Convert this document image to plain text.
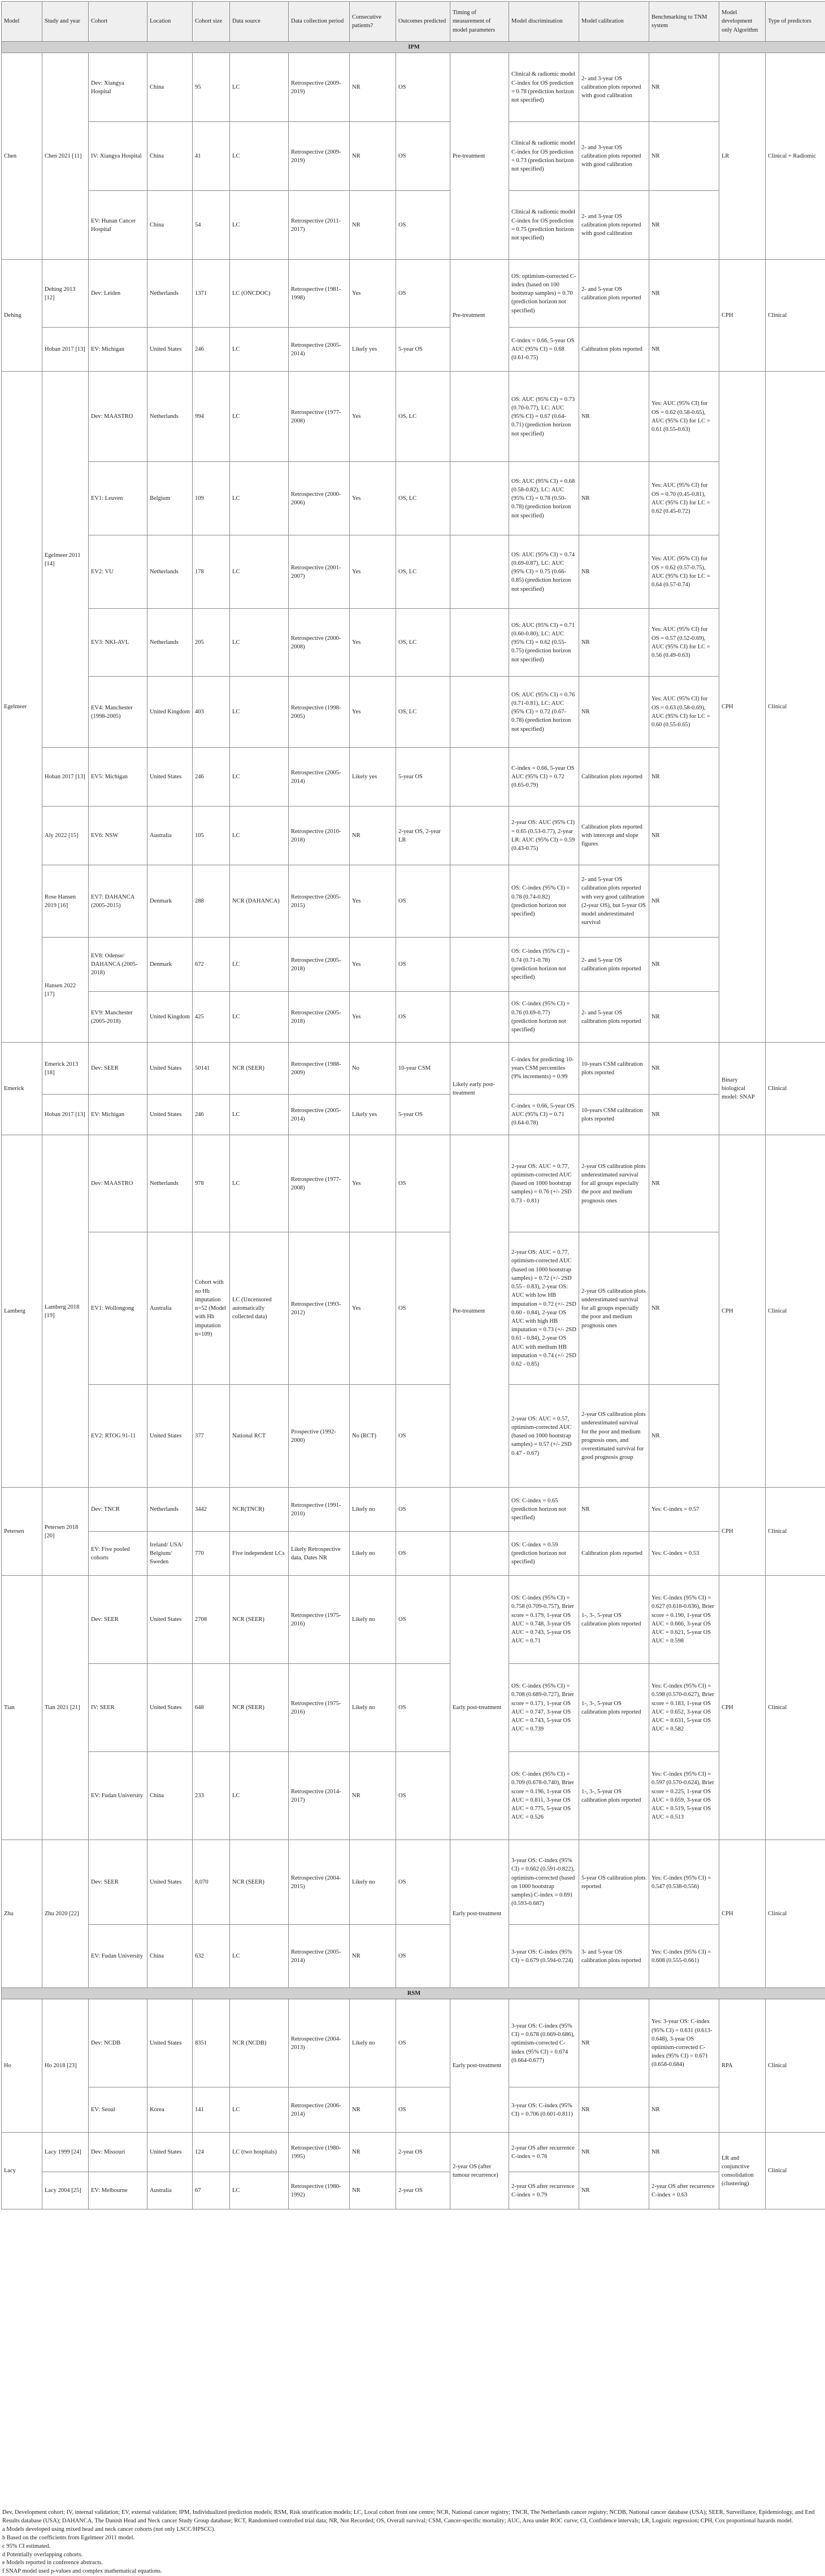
Model	Study and year	Cohort	Location	Cohort size	Data source	Data collection period	Consecutive patients?	Outcomes predicted	Timing of measurement of model parameters	Model discrimination	Model calibration	Benchmarking to TNM system	Model development only Algorithm	Type of predictors
IPM														
Chen	Chen 2021 [11]	Dev: Xiangya Hospital	China	95	LC	Retrospective (2009-2019)	NR	OS	Pre-treatment	Clinical & radiomic model C-index for OS prediction = 0.78 (prediction horizon not specified)	2- and 3-year OS calibration plots reported with good calibration	NR	LR	Clinical + Radiomic
		IV: Xiangya Hospital	China	41	LC	Retrospective (2009-2019)	NR	OS		Clinical & radiomic model C-index for OS prediction = 0.73 (prediction horizon not specified)	2- and 3-year OS calibration plots reported with good calibration	NR		
		EV: Hunan Cancer Hospital	China	54	LC	Retrospective (2011-2017)	NR	OS		Clinical & radiomic model C-index for OS prediction = 0.75 (prediction horizon not specified)	2- and 3-year OS calibration plots reported with good calibration	NR		
Dehing	Dehing 2013 [12]	Dev: Leiden	Netherlands	1371	LC (ONCDOC)	Retrospective (1981-1998)	Yes	OS	Pre-treatment	OS: optimism-corrected C-index (based on 100 bootstrap samples) = 0.70 (prediction horizon not specified)	2- and 5-year OS calibration plots reported	NR	CPH	Clinical
	Hoban 2017 [13]	EV: Michigan	United States	246	LC	Retrospective (2005-2014)	Likely yes	5-year OS		C-index = 0.66, 5-year OS AUC (95% CI) = 0.68 (0.61-0.75)	Calibration plots reported	NR		
Egelmeer	Egelmeer 2011 [14]	Dev: MAASTRO	Netherlands	994	LC	Retrospective (1977-2008)	Yes	OS, LC		OS: AUC (95% CI) = 0.73 (0.70-0.77), LC: AUC (95% CI) = 0.67 (0.64-0.71) (prediction horizon not specified)	NR	Yes: AUC (95% CI) for OS = 0.62 (0.58-0.65), AUC (95% CI) for LC = 0.61 (0.55-0.63)	CPH	Clinical
		EV1: Leuven	Belgium	109	LC	Retrospective (2000-2006)	Yes	OS, LC		OS: AUC (95% CI) = 0.68 (0.58-0.82), LC: AUC (95% CI) = 0.78 (0.50-0.78) (prediction horizon not specified)	NR	Yes: AUC (95% CI) for OS = 0.70 (0.45-0.81), AUC (95% CI) for LC = 0.62 (0.45-0.72)		
		EV2: VU	Netherlands	178	LC	Retrospective (2001-2007)	Yes	OS, LC		OS: AUC (95% CI) = 0.74 (0.69-0.87), LC: AUC (95% CI) = 0.75 (0.66-0.85) (prediction horizon not specified)	NR	Yes: AUC (95% CI) for OS = 0.62 (0.57-0.75), AUC (95% CI) for LC = 0.64 (0.57-0.74)		
		EV3: NKI-AVL	Netherlands	205	LC	Retrospective (2000-2008)	Yes	OS, LC		OS: AUC (95% CI) = 0.71 (0.60-0.80), LC: AUC (95% CI) = 0.62 (0.55-0.75) (prediction horizon not specified)	NR	Yes: AUC (95% CI) for OS = 0.57 (0.52-0.69), AUC (95% CI) for LC = 0.56 (0.49-0.63)		
		EV4: Manchester (1998-2005)	United Kingdom	403	LC	Retrospective (1998-2005)	Yes	OS, LC		OS: AUC (95% CI) = 0.76 (0.71-0.81), LC: AUC (95% CI) = 0.72 (0.67-0.78) (prediction horizon not specified)	NR	Yes: AUC (95% CI) for OS = 0.63 (0.58-0.69), AUC (95% CI) for LC = 0.60 (0.55-0.65)		
	Hoban 2017 [13]	EV5: Michigan	United States	246	LC	Retrospective (2005-2014)	Likely yes	5-year OS		C-index = 0.66, 5-year OS AUC (95% CI) = 0.72 (0.65-0.79)	Calibration plots reported	NR		
	Aly 2022 [15]	EV6: NSW	Australia	105	LC	Retrospective (2010-2018)	NR	2-year OS, 2-year LR		2-year OS: AUC (95% CI) = 0.65 (0.53-0.77), 2-year LR: AUC (95% CI) = 0.59 (0.43-0.75)	Calibration plots reported with intercept and slope figures	NR		
	Rose Hansen 2019 [16]	EV7: DAHANCA (2005-2015)	Denmark	288	NCR (DAHANCA)	Retrospective (2005-2015)	Yes	OS		OS: C-index (95% CI) = 0.78 (0.74-0.82) (prediction horizon not specified)	2- and 5-year OS calibration plots reported with very good calibration (2-year OS), but 5-year OS model underestimated survival	NR		
	Hansen 2022 [17]	EV8: Odense/ DAHANCA (2005-2018)	Denmark	672	LC	Retrospective (2005-2018)	Yes	OS		OS: C-index (95% CI) = 0.74 (0.71-0.78) (prediction horizon not specified)	2- and 5-year OS calibration plots reported	NR		
		EV9: Manchester (2005-2018)	United Kingdom	425	LC	Retrospective (2005-2018)	Yes	OS		OS: C-index (95% CI) = 0.76 (0.69-0.77) (prediction horizon not specified)	2- and 5-year OS calibration plots reported	NR		
Emerick	Emerick 2013 [18]	Dev: SEER	United States	50141	NCR (SEER)	Retrospective (1988-2009)	No	10-year CSM	Likely early post-treatment	C-index for predicting 10-years CSM percentiles (9% increments) = 0.99	10-years CSM calibration plots reported	NR	Binary biological model: SNAP	Clinical
	Hoban 2017 [13]	EV: Michigan	United States	246	LC	Retrospective (2005-2014)	Likely yes	5-year OS		C-index = 0.66, 5-year OS AUC (95% CI) = 0.71 (0.64-0.78)	10-years CSM calibration plots reported	NR		
Lamberg	Lamberg 2018 [19]	Dev: MAASTRO	Netherlands	978	LC	Retrospective (1977-2008)	Yes	OS	Pre-treatment	2-year OS: AUC = 0.77, optimism-corrected AUC (based on 1000 bootstrap samples) = 0.76 (+/- 2SD 0.73 - 0.81)	2-year OS calibration plots underestimated survival for all groups especially the poor and medium prognosis ones	NR	CPH	Clinical
		EV1: Wollongong	Australia	Cohort with no Hb imputation n=52 (Model with Hb imputation n=109)	LC (Uncensored automatically collected data)	Retrospective (1993-2012)	Yes	OS		2-year OS: AUC = 0.77, optimism-corrected AUC (based on 1000 bootstrap samples) = 0.72 (+/- 2SD 0.55 - 0.83), 2-year OS: AUC with low HB imputation = 0.72 (+/- 2SD 0.60 - 0.84), 2-year OS AUC with high HB imputation = 0.73 (+/- 2SD 0.61 - 0.84), 2-year OS AUC with medium HB imputation = 0.74 (+/- 2SD 0.62 - 0.85)	2-year OS calibration plots underestimated survival for all groups especially the poor and medium prognosis ones	NR		
		EV2: RTOG 91-11	United States	377	National RCT	Prospective (1992-2000)	No (RCT)	OS		2-year OS: AUC = 0.57, optimism-corrected AUC (based on 1000 bootstrap samples) = 0.57 (+/- 2SD 0.47 - 0.67)	2-year OS calibration plots underestimated survival for the poor and medium prognosis ones, and overestimated survival for good prognosis group	NR		
Petersen	Petersen 2018 [20]	Dev: TNCR	Netherlands	3442	NCR(TNCR)	Retrospective (1991-2010)	Likely no	OS		OS: C-index = 0.65 (prediction horizon not specified)	NR	Yes: C-index = 0.57	CPH	Clinical
		EV: Five pooled cohorts	Ireland/ USA/ Belgium/ Sweden	770	Five independent LCs	Likely Retrospective data, Dates NR	Likely no	OS		OS: C-index = 0.59 (prediction horizon not specified)	Calibration plots reported	Yes: C-index = 0.53		
Tian	Tian 2021 [21]	Dev: SEER	United States	2708	NCR (SEER)	Retrospective (1975-2016)	Likely no	OS	Early post-treatment	OS: C-index (95% CI) = 0.758 (0.709-0.757), Brier score = 0.179, 1-year OS AUC = 0.748, 3-year OS AUC = 0.743, 5-year OS AUC = 0.71	1-, 3-, 5-year OS calibration plots reported	Yes: C-index (95% CI) = 0.627 (0.618-0.636), Brier score = 0.190, 1-year OS AUC = 0.666, 3-year OS AUC = 0.621, 5-year OS AUC = 0.598	CPH	Clinical
		IV: SEER	United States	648	NCR (SEER)	Retrospective (1975-2016)	Likely no	OS		OS: C-index (95% CI) = 0.708 (0.689-0.727), Brier score = 0.171, 1-year OS AUC = 0.747, 3-year OS AUC = 0.743, 5-year OS AUC = 0.739	1-, 3-, 5-year OS calibration plots reported	Yes: C-index (95% CI) = 0.598 (0.570-0.627), Brier score = 0.183, 1-year OS AUC = 0.652, 3-year OS AUC = 0.631, 5-year OS AUC = 0.582		
		EV: Fudan University	China	233	LC	Retrospective (2014-2017)	NR	OS		OS: C-index (95% CI) = 0.709 (0.678-0.740), Brier score = 0.196, 1-year OS AUC = 0.811, 3-year OS AUC = 0.775, 5-year OS AUC = 0.526	1-, 3-, 5-year OS calibration plots reported	Yes: C-index (95% CI) = 0.597 (0.570-0.624), Brier score = 0.225, 1-year OS AUC = 0.659, 3-year OS AUC = 0.519, 5-year OS AUC = 0.513		
Zhu	Zhu 2020 [22]	Dev: SEER	United States	8,070	NCR (SEER)	Retrospective (2004-2015)	Likely no	OS	Early post-treatment	3-year OS: C-index (95% CI) = 0.662 (0.591-0.822), optimism-corrected (based on 1000 bootstrap samples) C-index = 0.691 (0.593-0.687)	5-year OS calibration plots reported	Yes: C-index (95% CI) = 0.547 (0.538-0.556)	CPH	Clinical
		EV: Fudan University	China	632	LC	Retrospective (2005-2014)	NR	OS		3-year OS: C-index (95% CI) = 0.679 (0.594-0.724)	3- and 5-year OS calibration plots reported	Yes: C-index (95% CI) = 0.608 (0.555-0.661)		
RSM														
Ho	Ho 2018 [23]	Dev: NCDB	United States	8351	NCR (NCDB)	Retrospective (2004-2013)	Likely no	OS	Early post-treatment	3-year OS: C-index (95% CI) = 0.678 (0.669-0.686), optimism-corrected C-index (95% CI) = 0.674 (0.664-0.677)	NR	Yes: 3-year OS: C-index (95% CI) = 0.631 (0.613-0.648), 3-year OS optimism-corrected C-index (95% CI) = 0.671 (0.658-0.684)	RPA	Clinical
		EV: Seoul	Korea	141	LC	Retrospective (2006-2014)	NR	OS		3-year OS: C-index (95% CI) = 0.706 (0.601-0.811)	NR	NR		
Lacy	Lacy 1999 [24]	Dev: Missouri	United States	124	LC (two hospitals)	Retrospective (1980-1995)	NR	2-year OS	2-year OS (after tumour recurrence)	2-year OS after recurrence C-index = 0.76	NR	NR	LR and conjunctive consolidation (clustering)	Clinical
	Lacy 2004 [25]	EV: Melbourne	Australia	67	LC	Retrospective (1980-1992)	NR	2-year OS		2-year OS after recurrence C-index = 0.79	NR	2-year OS after recurrence C-index = 0.63		

Dev, Development cohort; IV, internal validation; EV, external validation; IPM, Individualized prediction models; RSM, Risk stratification models; LC, Local cohort from one centre; NCR, National cancer registry; TNCR, The Netherlands cancer registry; NCDB, National cancer database (USA); SEER, Surveillance, Epidemiology, and End Results database (USA); DAHANCA, The Danish Head and Neck cancer Study Group database; RCT, Randomised controlled trial data; NR, Not Recorded; OS, Overall survival; CSM, Cancer-specific mortality; AUC, Area under ROC curve; CI, Confidence intervals; LR, Logistic regression; CPH, Cox proportional hazards model.

a Models developed using mixed head and neck cancer cohorts (not only LSCC/HPSCC).

b Based on the coefficients from Egelmeer 2011 model.

c 95% CI estimated.

d Potentially overlapping cohorts.

e Models reported in conference abstracts.

f SNAP model used p-values and complex mathematical equations.
